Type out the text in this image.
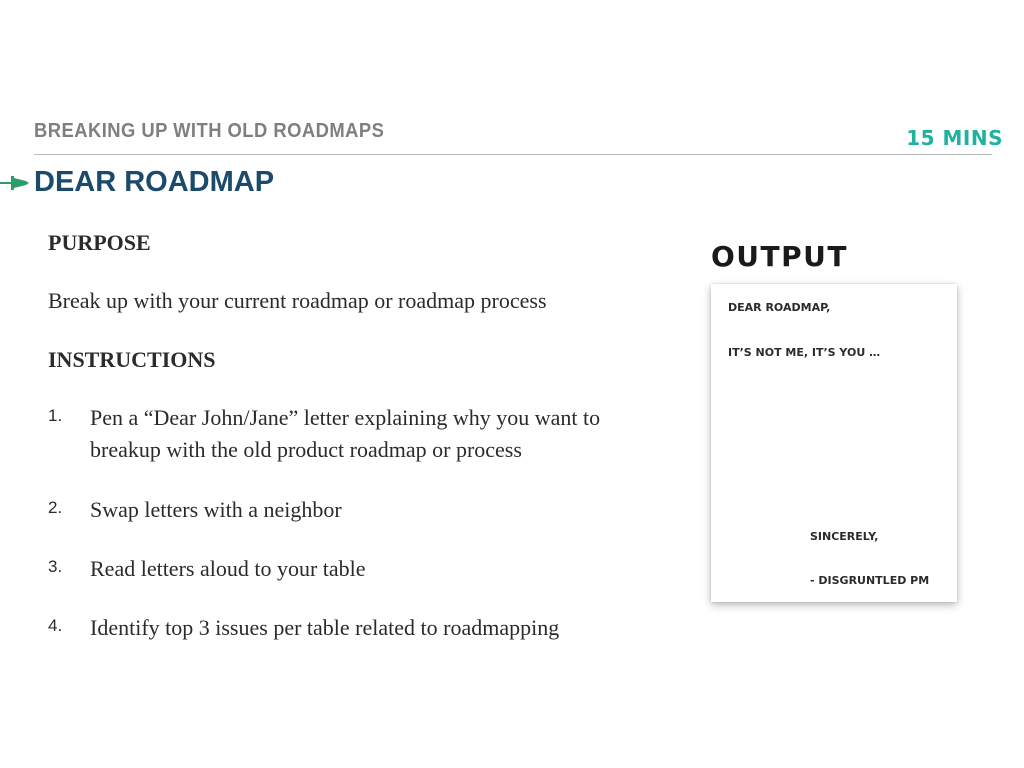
BREAKING UP WITH OLD ROADMAPS	15 MINS
DEAR ROADMAP
PURPOSE
Break up with your current roadmap or roadmap process
INSTRUCTIONS
1. Pen a “Dear John/Jane” letter explaining why you want to breakup with the old product roadmap or process
2. Swap letters with a neighbor
3. Read letters aloud to your table
4. Identify top 3 issues per table related to roadmapping
OUTPUT
DEAR ROADMAP,
IT’S NOT ME, IT’S YOU …
SINCERELY,
- DISGRUNTLED PM
